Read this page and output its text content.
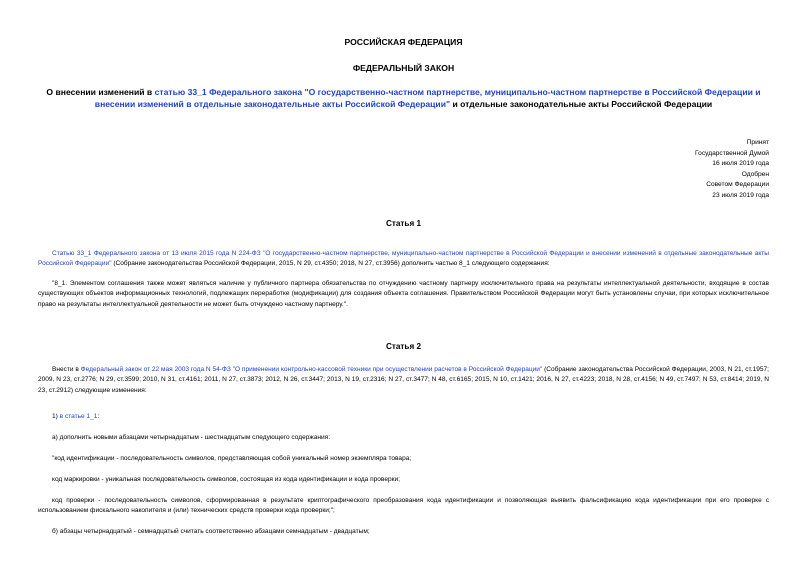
РОССИЙСКАЯ ФЕДЕРАЦИЯ
ФЕДЕРАЛЬНЫЙ ЗАКОН
О внесении изменений в статью 33_1 Федерального закона "О государственно-частном партнерстве, муниципально-частном партнерстве в Российской Федерации и внесении изменений в отдельные законодательные акты Российской Федерации" и отдельные законодательные акты Российской Федерации
Принят
Государственной Думой
16 июля 2019 года
Одобрен
Советом Федерации
23 июля 2019 года
Статья 1
Статью 33_1 Федерального закона от 13 июля 2015 года N 224-ФЗ "О государственно-частном партнерстве, муниципально-частном партнерстве в Российской Федерации и внесении изменений в отдельные законодательные акты Российской Федерации" (Собрание законодательства Российской Федерации, 2015, N 29, ст.4350; 2018, N 27, ст.3956) дополнить частью 8_1 следующего содержания:
"8_1. Элементом соглашения также может являться наличие у публичного партнера обязательства по отчуждению частному партнеру исключительного права на результаты интеллектуальной деятельности, входящие в состав существующих объектов информационных технологий, подлежащих переработке (модификации) для создания объекта соглашения. Правительством Российской Федерации могут быть установлены случаи, при которых исключительное право на результаты интеллектуальной деятельности не может быть отчуждено частному партнеру.".
Статья 2
Внести в Федеральный закон от 22 мая 2003 года N 54-ФЗ "О применении контрольно-кассовой техники при осуществлении расчетов в Российской Федерации" (Собрание законодательства Российской Федерации, 2003, N 21, ст.1957; 2009, N 23, ст.2776; N 29, ст.3599; 2010, N 31, ст.4161; 2011, N 27, ст.3873; 2012, N 26, ст.3447; 2013, N 19, ст.2316; N 27, ст.3477; N 48, ст.6165; 2015, N 10, ст.1421; 2016, N 27, ст.4223; 2018, N 28, ст.4156; N 49, ст.7497; N 53, ст.8414; 2019, N 23, ст.2912) следующие изменения:
1) в статье 1_1:
а) дополнить новыми абзацами четырнадцатым - шестнадцатым следующего содержания:
"код идентификации - последовательность символов, представляющая собой уникальный номер экземпляра товара;
код маркировки - уникальная последовательность символов, состоящая из кода идентификации и кода проверки;
код проверки - последовательность символов, сформированная в результате криптографического преобразования кода идентификации и позволяющая выявить фальсификацию кода идентификации при его проверке с использованием фискального накопителя и (или) технических средств проверки кода проверки;";
б) абзацы четырнадцатый - семнадцатый считать соответственно абзацами семнадцатым - двадцатым;
